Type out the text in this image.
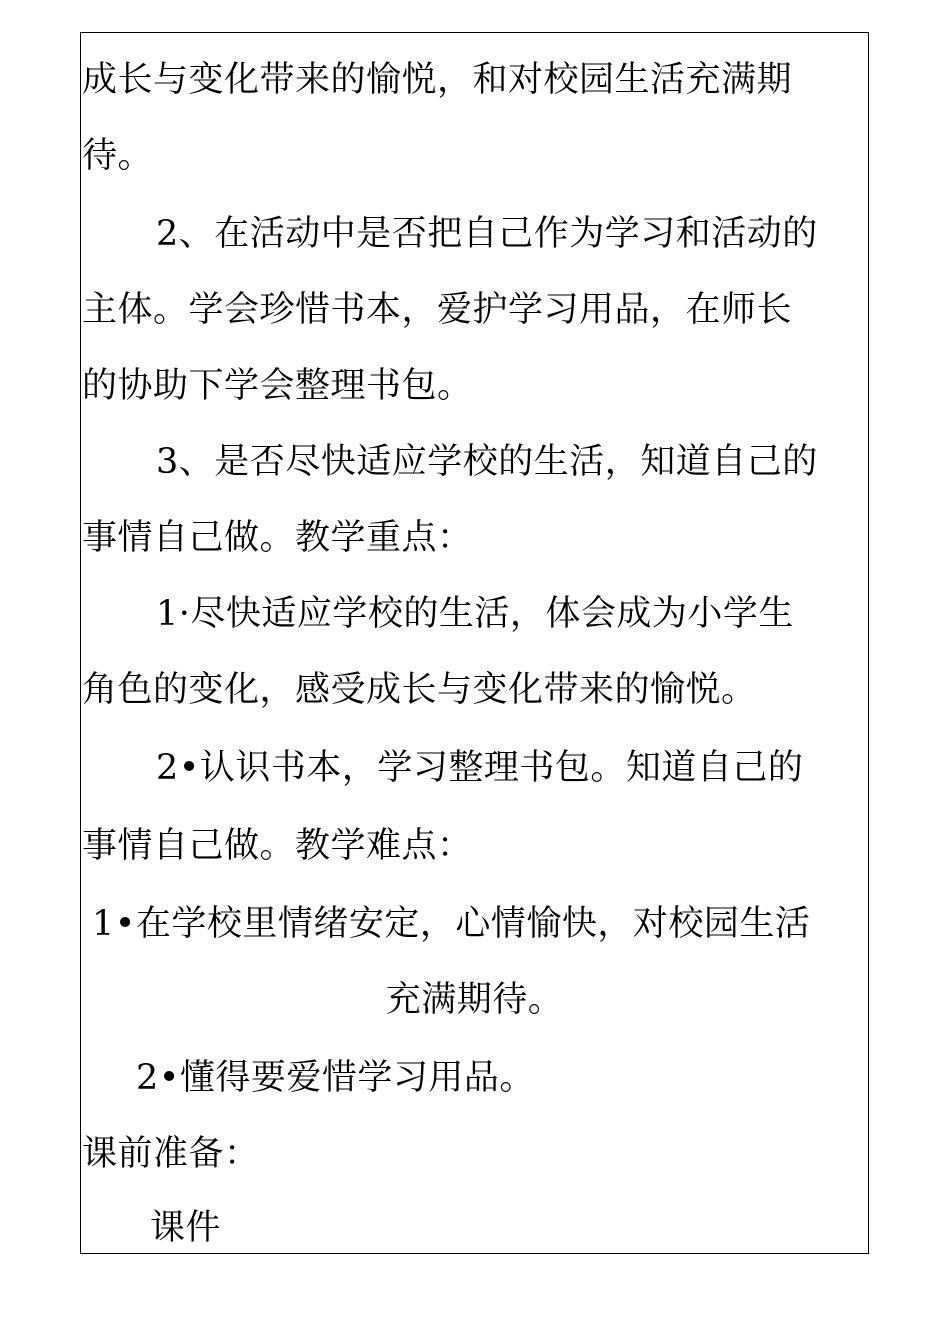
成长与变化带来的愉悦，和对校园生活充满期
待。
2、在活动中是否把自己作为学习和活动的
主体。学会珍惜书本，爱护学习用品，在师长
的协助下学会整理书包。
3、是否尽快适应学校的生活，知道自己的
事情自己做。教学重点：
1·尽快适应学校的生活，体会成为小学生
角色的变化，感受成长与变化带来的愉悦。
2•认识书本，学习整理书包。知道自己的
事情自己做。教学难点：
1•在学校里情绪安定，心情愉快，对校园生活
充满期待。
2•懂得要爱惜学习用品。
课前准备：
课件
